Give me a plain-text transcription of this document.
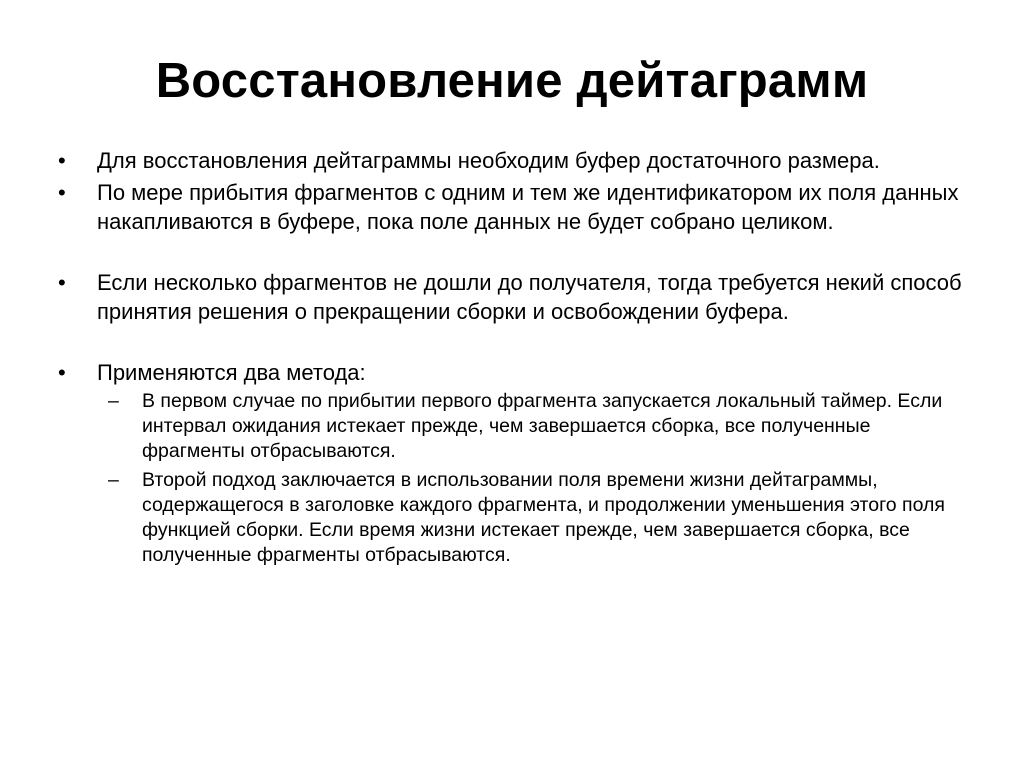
Восстановление дейтаграмм
•	Для восстановления дейтаграммы необходим буфер достаточного размера.
•	По мере прибытия фрагментов с одним и тем же идентификатором их поля данных накапливаются в буфере, пока поле данных не будет собрано целиком.
•	Если несколько фрагментов не дошли до получателя, тогда требуется некий способ принятия решения о прекращении сборки и освобождении буфера.
•	Применяются два метода:
–	В первом случае по прибытии первого фрагмента запускается локальный таймер. Если интервал ожидания истекает прежде, чем завершается сборка, все полученные фрагменты отбрасываются.
–	Второй подход заключается в использовании поля времени жизни дейтаграммы, содержащегося в заголовке каждого фрагмента, и продолжении уменьшения этого поля функцией сборки. Если время жизни истекает прежде, чем завершается сборка, все полученные фрагменты отбрасываются.
